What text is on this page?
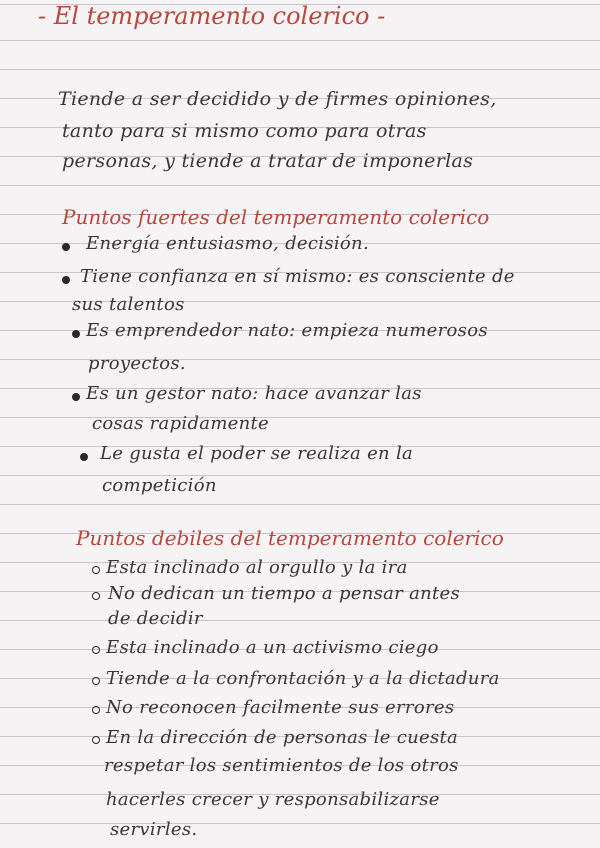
- El temperamento colerico -
Tiende a ser decidido y de firmes opiniones,
tanto para si mismo como para otras
personas, y tiende a tratar de imponerlas
Puntos fuertes del temperamento colerico
Energía entusiasmo, decisión.
Tiene confianza en sí mismo: es consciente de
sus talentos
Es emprendedor nato: empieza numerosos
proyectos.
Es un gestor nato: hace avanzar las
cosas rapidamente
Le gusta el poder se realiza en la
competición
Puntos debiles del temperamento colerico
Esta inclinado al orgullo y la ira
No dedican un tiempo a pensar antes
de decidir
Esta inclinado a un activismo ciego
Tiende a la confrontación y a la dictadura
No reconocen facilmente sus errores
En la dirección de personas le cuesta
respetar los sentimientos de los otros
hacerles crecer y responsabilizarse
servirles.
